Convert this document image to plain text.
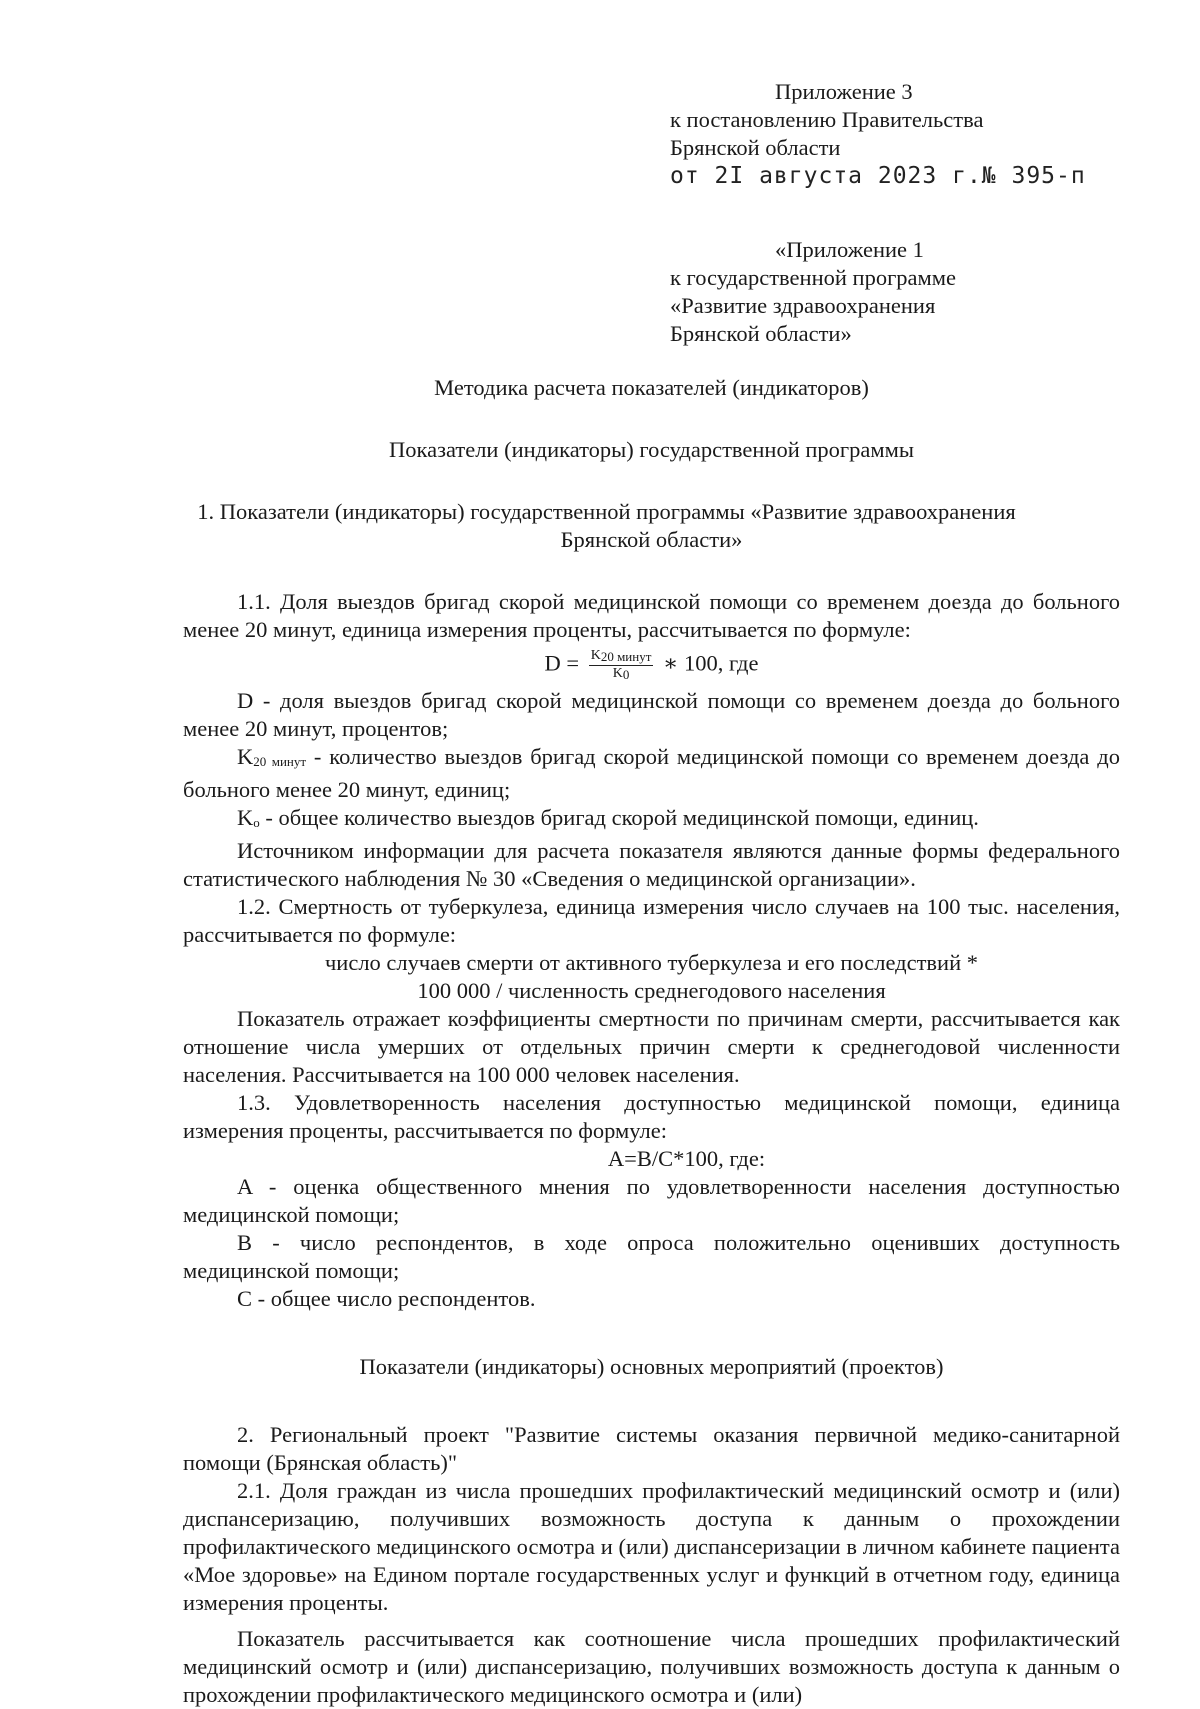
Приложение 3
к постановлению Правительства
Брянской области
от 2I августа 2023 г.№ 395-п
«Приложение 1
к государственной программе
«Развитие здравоохранения
Брянской области»
Методика расчета показателей (индикаторов)
Показатели (индикаторы) государственной программы
1. Показатели (индикаторы) государственной программы «Развитие здравоохранения
Брянской области»

1.1. Доля выездов бригад скорой медицинской помощи со временем доезда до больного менее 20 минут, единица измерения проценты, рассчитывается по формуле:

$D = \frac{\text{K20 минут}}{K0}$ ∗ 100, где

D - доля выездов бригад скорой медицинской помощи со временем доезда до больного менее 20 минут, процентов;

K20 минут - количество выездов бригад скорой медицинской помощи со временем доезда до больного менее 20 минут, единиц;

Kо - общее количество выездов бригад скорой медицинской помощи, единиц.

Источником информации для расчета показателя являются данные формы федерального статистического наблюдения № 30 «Сведения о медицинской организации».

1.2. Смертность от туберкулеза, единица измерения число случаев на 100 тыс. населения, рассчитывается по формуле:

число случаев смерти от активного туберкулеза и его последствий *
100 000 / численность среднегодового населения

Показатель отражает коэффициенты смертности по причинам смерти, рассчитывается как отношение числа умерших от отдельных причин смерти к среднегодовой численности населения. Рассчитывается на 100 000 человек населения.

1.3. Удовлетворенность населения доступностью медицинской помощи, единица измерения проценты, рассчитывается по формуле:

A=B/C*100, где:

A - оценка общественного мнения по удовлетворенности населения доступностью медицинской помощи;

B - число респондентов, в ходе опроса положительно оценивших доступность медицинской помощи;

C - общее число респондентов.

Показатели (индикаторы) основных мероприятий (проектов)

2. Региональный проект "Развитие системы оказания первичной медико-санитарной помощи (Брянская область)"

2.1. Доля граждан из числа прошедших профилактический медицинский осмотр и (или) диспансеризацию, получивших возможность доступа к данным о прохождении профилактического медицинского осмотра и (или) диспансеризации в личном кабинете пациента «Мое здоровье» на Едином портале государственных услуг и функций в отчетном году, единица измерения проценты.

Показатель рассчитывается как соотношение числа прошедших профилактический медицинский осмотр и (или) диспансеризацию, получивших возможность доступа к данным о прохождении профилактического медицинского осмотра и (или)
